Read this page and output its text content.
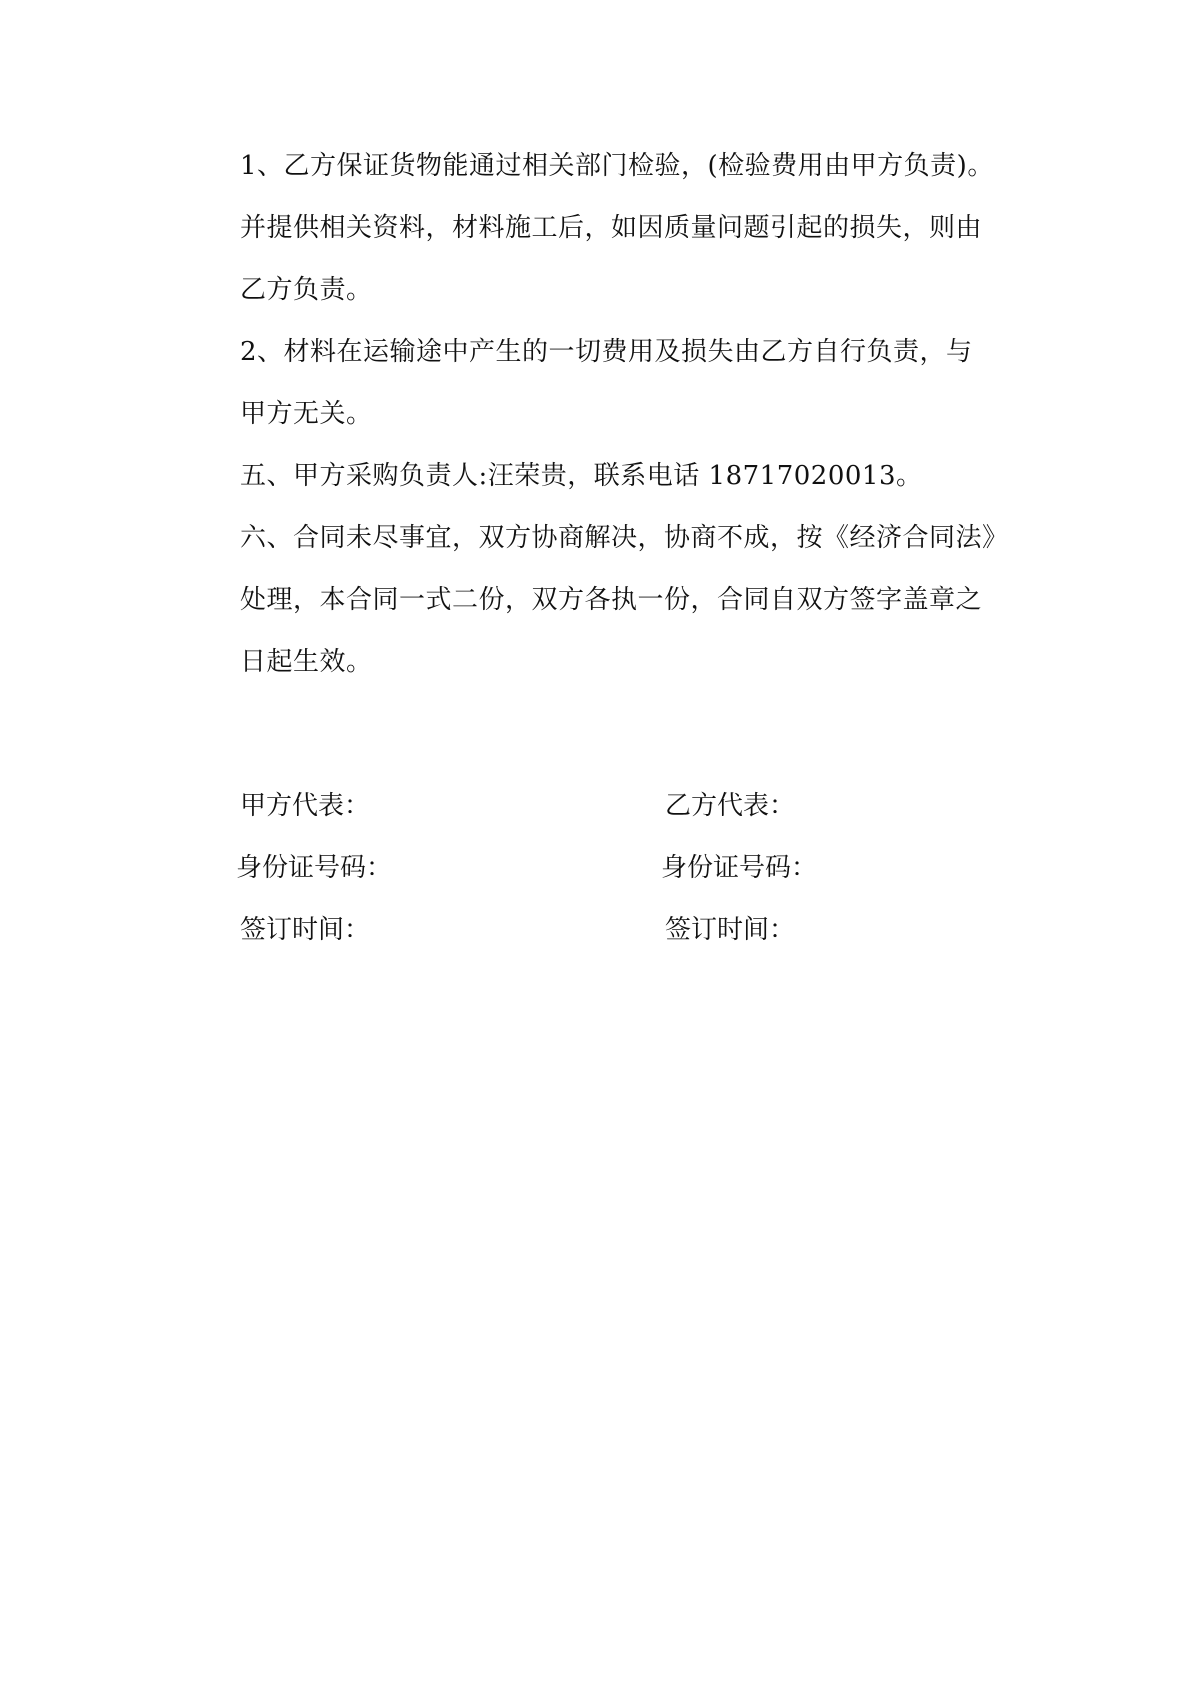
1、乙方保证货物能通过相关部门检验，(检验费用由甲方负责)。
并提供相关资料，材料施工后，如因质量问题引起的损失，则由
乙方负责。
2、材料在运输途中产生的一切费用及损失由乙方自行负责，与
甲方无关。
五、甲方采购负责人:汪荣贵，联系电话 18717020013。
六、合同未尽事宜，双方协商解决，协商不成，按《经济合同法》
处理，本合同一式二份，双方各执一份，合同自双方签字盖章之
日起生效。
甲方代表：
身份证号码：
签订时间：
乙方代表：
身份证号码：
签订时间：
